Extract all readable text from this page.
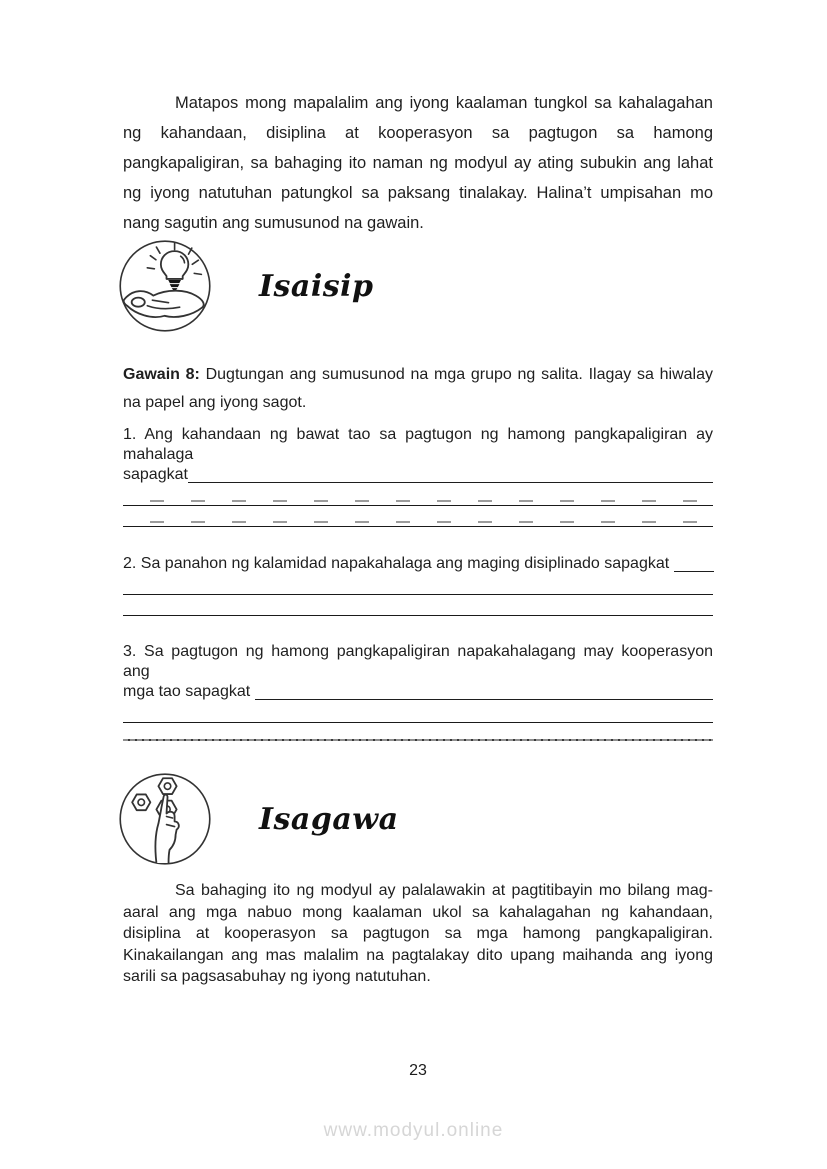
Matapos mong mapalalim ang iyong kaalaman tungkol sa kahalagahan ng kahandaan, disiplina at kooperasyon sa pagtugon sa hamong pangkapaligiran, sa bahaging ito naman ng modyul ay ating subukin ang lahat ng iyong natutuhan patungkol sa paksang tinalakay. Halina’t umpisahan mo nang sagutin ang sumusunod na gawain.

Isaisip

Gawain 8: Dugtungan ang sumusunod na mga grupo ng salita. Ilagay sa hiwalay na papel ang iyong sagot.

1. Ang kahandaan ng bawat tao sa pagtugon ng hamong pangkapaligiran ay mahalaga
sapagkat
2. Sa panahon ng kalamidad napakahalaga ang maging disiplinado sapagkat
3. Sa pagtugon ng hamong pangkapaligiran napakahalagang may kooperasyon ang
mga tao sapagkat
Isagawa

Sa bahaging ito ng modyul ay palalawakin at pagtitibayin mo bilang mag-aaral ang mga nabuo mong kaalaman ukol sa kahalagahan ng kahandaan, disiplina at kooperasyon sa pagtugon sa mga hamong pangkapaligiran. Kinakailangan ang mas malalim na pagtalakay dito upang maihanda ang iyong sarili sa pagsasabuhay ng iyong natutuhan.

23
www.modyul.online
